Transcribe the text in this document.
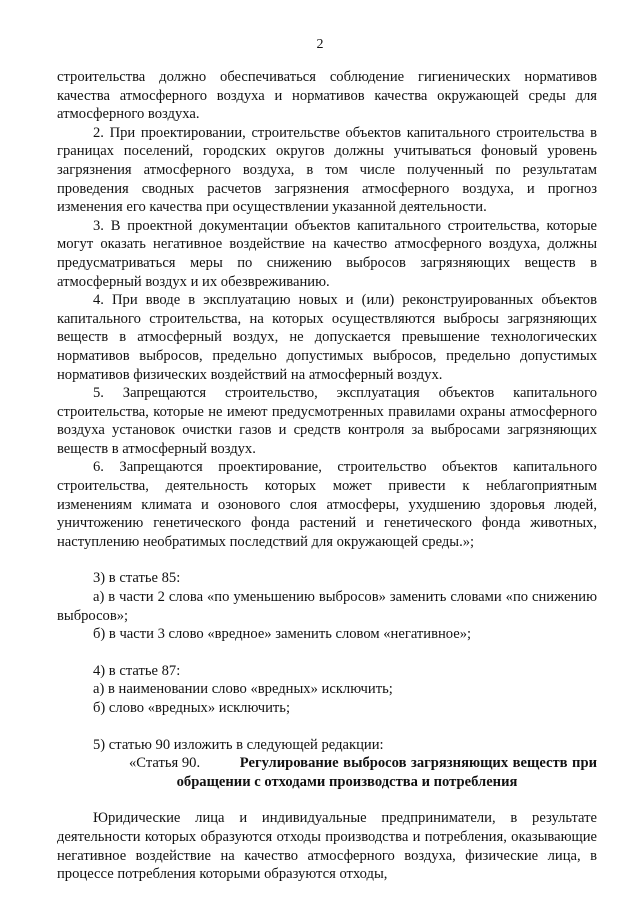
2

строительства должно обеспечиваться соблюдение гигиенических нормативов качества атмосферного воздуха и нормативов качества окружающей среды для атмосферного воздуха.

2. При проектировании, строительстве объектов капитального строительства в границах поселений, городских округов должны учитываться фоновый уровень загрязнения атмосферного воздуха, в том числе полученный по результатам проведения сводных расчетов загрязнения атмосферного воздуха, и прогноз изменения его качества при осуществлении указанной деятельности.

3. В проектной документации объектов капитального строительства, которые могут оказать негативное воздействие на качество атмосферного воздуха, должны предусматриваться меры по снижению выбросов загрязняющих веществ в атмосферный воздух и их обезвреживанию.

4. При вводе в эксплуатацию новых и (или) реконструированных объектов капитального строительства, на которых осуществляются выбросы загрязняющих веществ в атмосферный воздух, не допускается превышение технологических нормативов выбросов, предельно допустимых выбросов, предельно допустимых нормативов физических воздействий на атмосферный воздух.

5. Запрещаются строительство, эксплуатация объектов капитального строительства, которые не имеют предусмотренных правилами охраны атмосферного воздуха установок очистки газов и средств контроля за выбросами загрязняющих веществ в атмосферный воздух.

6. Запрещаются проектирование, строительство объектов капитального строительства, деятельность которых может привести к неблагоприятным изменениям климата и озонового слоя атмосферы, ухудшению здоровья людей, уничтожению генетического фонда растений и генетического фонда животных, наступлению необратимых последствий для окружающей среды.»;

3) в статье 85:

а) в части 2 слова «по уменьшению выбросов» заменить словами «по снижению выбросов»;

б) в части 3 слово «вредное» заменить словом «негативное»;

4) в статье 87:

а) в наименовании слово «вредных» исключить;

б) слово «вредных» исключить;

5) статью 90 изложить в следующей редакции:

«Статья 90.	Регулирование выбросов загрязняющих веществ при

обращении с отходами производства и потребления

Юридические лица и индивидуальные предприниматели, в результате деятельности которых образуются отходы производства и потребления, оказывающие негативное воздействие на качество атмосферного воздуха, физические лица, в процессе потребления которыми образуются отходы,
